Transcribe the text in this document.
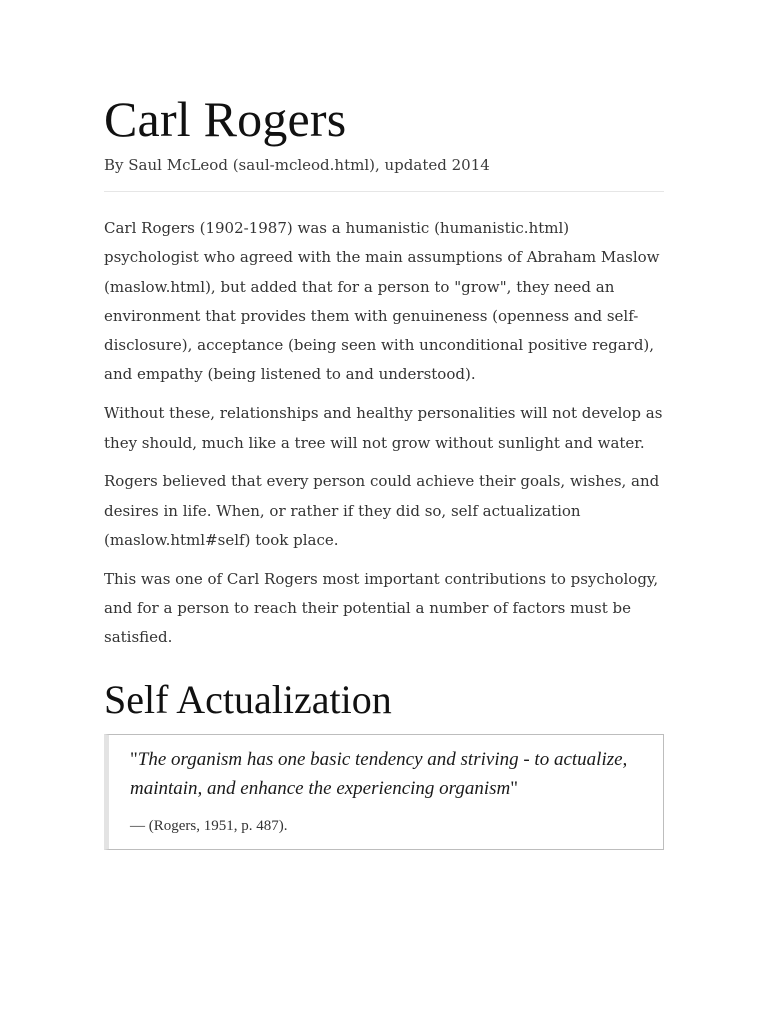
Carl Rogers
By Saul McLeod (saul-mcleod.html), updated 2014

Carl Rogers (1902-1987) was a humanistic (humanistic.html) psychologist who agreed with the main assumptions of Abraham Maslow (maslow.html), but added that for a person to "grow", they need an environment that provides them with genuineness (openness and self-disclosure), acceptance (being seen with unconditional positive regard), and empathy (being listened to and understood).

Without these, relationships and healthy personalities will not develop as they should, much like a tree will not grow without sunlight and water.

Rogers believed that every person could achieve their goals, wishes, and desires in life. When, or rather if they did so, self actualization (maslow.html#self) took place.

This was one of Carl Rogers most important contributions to psychology, and for a person to reach their potential a number of factors must be satisfied.

Self Actualization

"The organism has one basic tendency and striving - to actualize, maintain, and enhance the experiencing organism"

— (Rogers, 1951, p. 487).
